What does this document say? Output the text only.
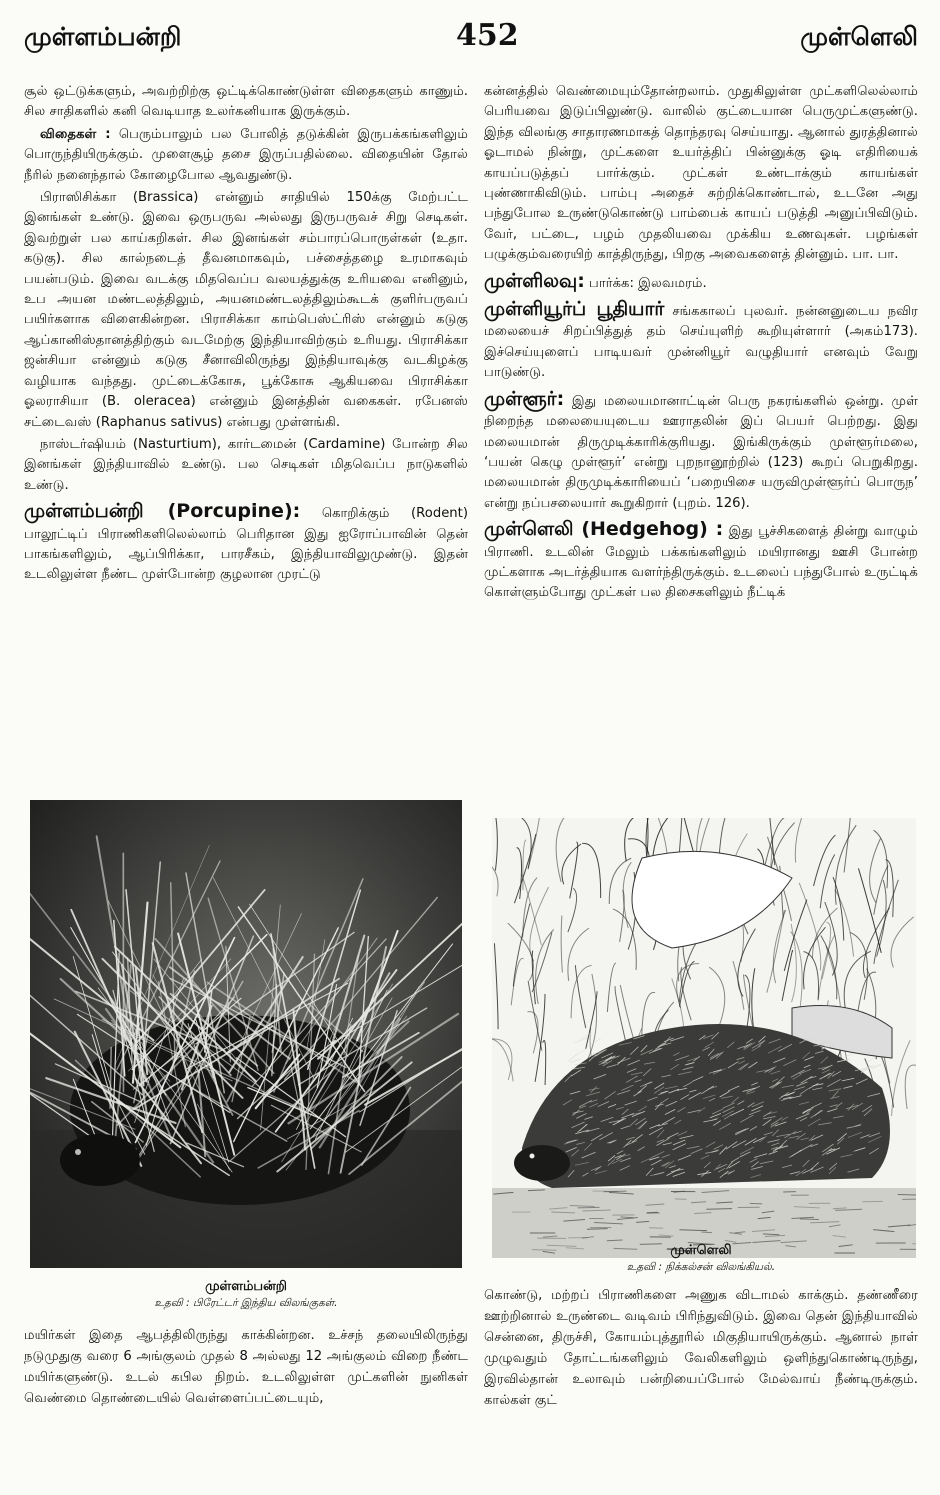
முள்ளம்பன்றி	452	முள்ளெலி

சூல் ஒட்டுக்களும், அவற்றிற்கு ஒட்டிக்கொண்டுள்ள விதைகளும் காணும். சில சாதிகளில் கனி வெடியாத உலர்கனியாக இருக்கும்.

விதைகள் : பெரும்பாலும் பல போலித் தடுக்கின் இருபக்கங்களிலும் பொருந்தியிருக்கும். முளைசூழ் தசை இருப்பதில்லை. விதையின் தோல் நீரில் நனைந்தால் கோழைபோல ஆவதுண்டு.

பிராஸிசிக்கா (Brassica) என்னும் சாதியில் 150க்கு மேற்பட்ட இனங்கள் உண்டு. இவை ஒருபருவ அல்லது இருபருவச் சிறு செடிகள். இவற்றுள் பல காய்கறிகள். சில இனங்கள் சம்பாரப்பொருள்கள் (உதா. கடுகு). சில கால்நடைத் தீவனமாகவும், பச்சைத்தழை உரமாகவும் பயன்படும். இவை வடக்கு மிதவெப்ப வலயத்துக்கு உரியவை எனினும், உப அயன மண்டலத்திலும், அயனமண்டலத்திலும்கூடக் குளிர்பருவப் பயிர்களாக விளைகின்றன. பிராசிக்கா காம்பெஸ்ட்ரிஸ் என்னும் கடுகு ஆப்கானிஸ்தானத்திற்கும் வடமேற்கு இந்தியாவிற்கும் உரியது. பிராசிக்கா ஜன்சியா என்னும் கடுகு சீனாவிலிருந்து இந்தியாவுக்கு வடகிழக்கு வழியாக வந்தது. முட்டைக்கோசு, பூக்கோசு ஆகியவை பிராசிக்கா ஓலராசியா (B. oleracea) என்னும் இனத்தின் வகைகள். ரபேனஸ் சட்டைவஸ் (Raphanus sativus) என்பது முள்ளங்கி.

நாஸ்டர்ஷியம் (Nasturtium), கார்டமைன் (Cardamine) போன்ற சில இனங்கள் இந்தியாவில் உண்டு. பல செடிகள் மிதவெப்ப நாடுகளில் உண்டு.

முள்ளம்பன்றி (Porcupine): கொறிக்கும் (Rodent) பாலூட்டிப் பிராணிகளிலெல்லாம் பெரிதான இது ஐரோப்பாவின் தென் பாகங்களிலும், ஆப்பிரிக்கா, பாரசீகம், இந்தியாவிலுமுண்டு. இதன் உடலிலுள்ள நீண்ட முள்போன்ற குழலான முரட்டு

கன்னத்தில் வெண்மையும்தோன்றலாம். முதுகிலுள்ள முட்களிலெல்லாம் பெரியவை இடுப்பிலுண்டு. வாலில் குட்டையான பெருமுட்களுண்டு. இந்த விலங்கு சாதாரணமாகத் தொந்தரவு செய்யாது. ஆனால் துரத்தினால் ஓடாமல் நின்று, முட்களை உயர்த்திப் பின்னுக்கு ஓடி எதிரியைக் காயப்படுத்தப் பார்க்கும். முட்கள் உண்டாக்கும் காயங்கள் புண்ணாகிவிடும். பாம்பு அதைச் சுற்றிக்கொண்டால், உடனே அது பந்துபோல உருண்டுகொண்டு பாம்பைக் காயப் படுத்தி அனுப்பிவிடும். வேர், பட்டை, பழம் முதலியவை முக்கிய உணவுகள். பழங்கள் பழுக்கும்வரையிற் காத்திருந்து, பிறகு அவைகளைத் தின்னும். பா. பா.

முள்ளிலவு: பார்க்க: இலவமரம்.

முள்ளியூர்ப் பூதியார் சங்ககாலப் புலவர். நன்னனுடைய நவிர மலையைச் சிறப்பித்துத் தம் செய்யுளிற் கூறியுள்ளார் (அகம்173). இச்செய்யுளைப் பாடியவர் முன்னியூர் வழுதியார் எனவும் வேறு பாடுண்டு.

முள்ளூர்: இது மலையமானாட்டின் பெரு நகரங்களில் ஒன்று. முள் நிறைந்த மலையையுடைய ஊராதலின் இப் பெயர் பெற்றது. இது மலையமான் திருமுடிக்காரிக்குரியது. இங்கிருக்கும் முள்ளூர்மலை, ‘பயன் கெழு முள்ளூர்’ என்று புறநானூற்றில் (123) கூறப் பெறுகிறது. மலையமான் திருமுடிக்காரியைப் ‘பறையிசை யருவிமுள்ளூர்ப் பொருந’ என்று நப்பசலையார் கூறுகிறார் (புறம். 126).

முள்ளெலி (Hedgehog) : இது பூச்சிகளைத் தின்று வாழும் பிராணி. உடலின் மேலும் பக்கங்களிலும் மயிரானது ஊசி போன்ற முட்களாக அடர்த்தியாக வளர்ந்திருக்கும். உடலைப் பந்துபோல் உருட்டிக் கொள்ளும்போது முட்கள் பல திசைகளிலும் நீட்டிக்

முள்ளம்பன்றி
உதவி : பிரேட்டர் இந்திய விலங்குகள்.
முள்ளெலி
உதவி : நிக்கல்சன் விலங்கியல்.

மயிர்கள் இதை ஆபத்திலிருந்து காக்கின்றன. உச்சந் தலையிலிருந்து நடுமுதுகு வரை 6 அங்குலம் முதல் 8 அல்லது 12 அங்குலம் விறை நீண்ட மயிர்களுண்டு. உடல் கபில நிறம். உடலிலுள்ள முட்களின் நுனிகள் வெண்மை தொண்டையில் வெள்ளைப்பட்டையும்,

கொண்டு, மற்றப் பிராணிகளை அணுக விடாமல் காக்கும். தண்ணீரை ஊற்றினால் உருண்டை வடிவம் பிரிந்துவிடும். இவை தென் இந்தியாவில் சென்னை, திருச்சி, கோயம்புத்தூரில் மிகுதியாயிருக்கும். ஆனால் நாள் முழுவதும் தோட்டங்களிலும் வேலிகளிலும் ஒளிந்துகொண்டிருந்து, இரவில்தான் உலாவும் பன்றியைப்போல் மேல்வாய் நீண்டிருக்கும். கால்கள் குட்
